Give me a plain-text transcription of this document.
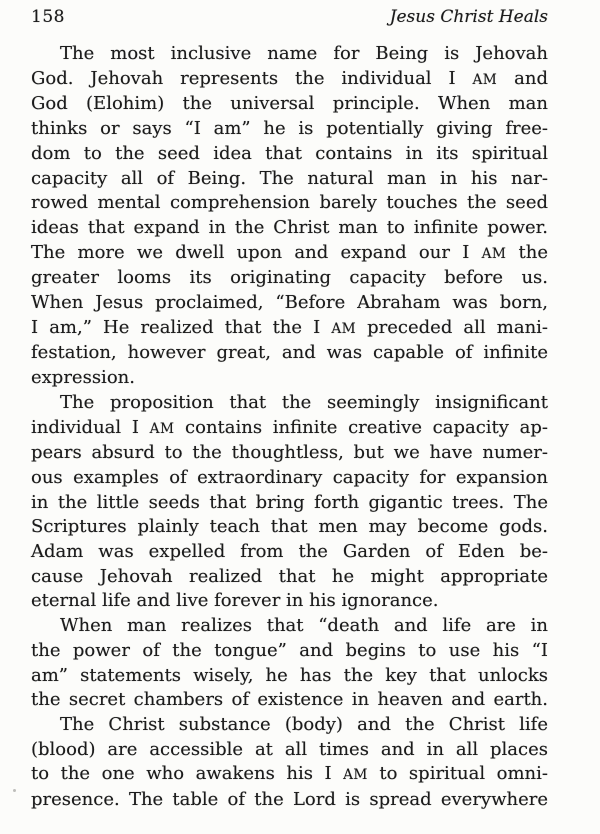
158	Jesus Christ Heals
The most inclusive name for Being is Jehovah
God. Jehovah represents the individual I AM and
God (Elohim) the universal principle. When man
thinks or says “I am” he is potentially giving free-
dom to the seed idea that contains in its spiritual
capacity all of Being. The natural man in his nar-
rowed mental comprehension barely touches the seed
ideas that expand in the Christ man to infinite power.
The more we dwell upon and expand our I AM the
greater looms its originating capacity before us.
When Jesus proclaimed, “Before Abraham was born,
I am,” He realized that the I AM preceded all mani-
festation, however great, and was capable of infinite
expression.
The proposition that the seemingly insignificant
individual I AM contains infinite creative capacity ap-
pears absurd to the thoughtless, but we have numer-
ous examples of extraordinary capacity for expansion
in the little seeds that bring forth gigantic trees. The
Scriptures plainly teach that men may become gods.
Adam was expelled from the Garden of Eden be-
cause Jehovah realized that he might appropriate
eternal life and live forever in his ignorance.
When man realizes that “death and life are in
the power of the tongue” and begins to use his “I
am” statements wisely, he has the key that unlocks
the secret chambers of existence in heaven and earth.
The Christ substance (body) and the Christ life
(blood) are accessible at all times and in all places
to the one who awakens his I AM to spiritual omni-
presence. The table of the Lord is spread everywhere
